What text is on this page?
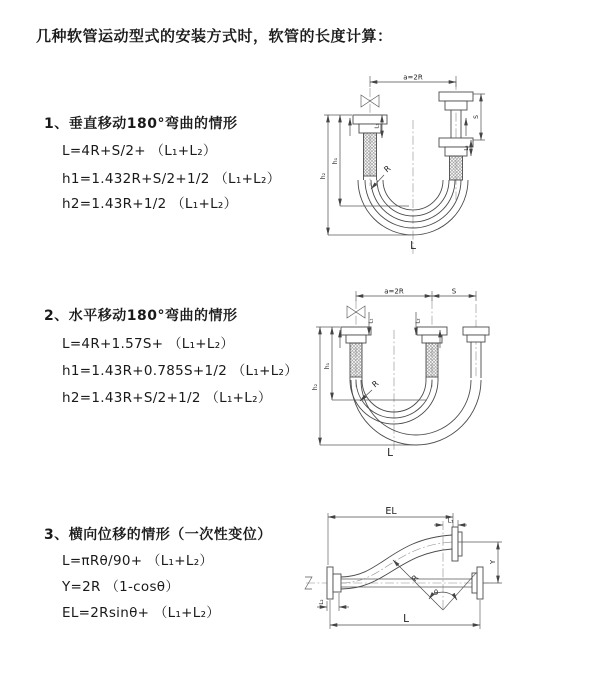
几种软管运动型式的安装方式时，软管的长度计算：
1、垂直移动180°弯曲的情形
L=4R+S/2+ （L₁+L₂）
h1=1.432R+S/2+1/2 （L₁+L₂）
h2=1.43R+1/2 （L₁+L₂）
a=2R
h₁
h₂
L₁
S
L₂
R
L
2、水平移动180°弯曲的情形
L=4R+1.57S+ （L₁+L₂）
h1=1.43R+0.785S+1/2 （L₁+L₂）
h2=1.43R+S/2+1/2 （L₁+L₂）
a=2R	S
L₁	L₂
h₁
h₂	R
L
3、横向位移的情形（一次性变位）
L=πRθ/90+ （L₁+L₂）
Y=2R （1-cosθ）
EL=2Rsinθ+ （L₁+L₂）
EL
L₁
R
θ
Y
L
L₂
